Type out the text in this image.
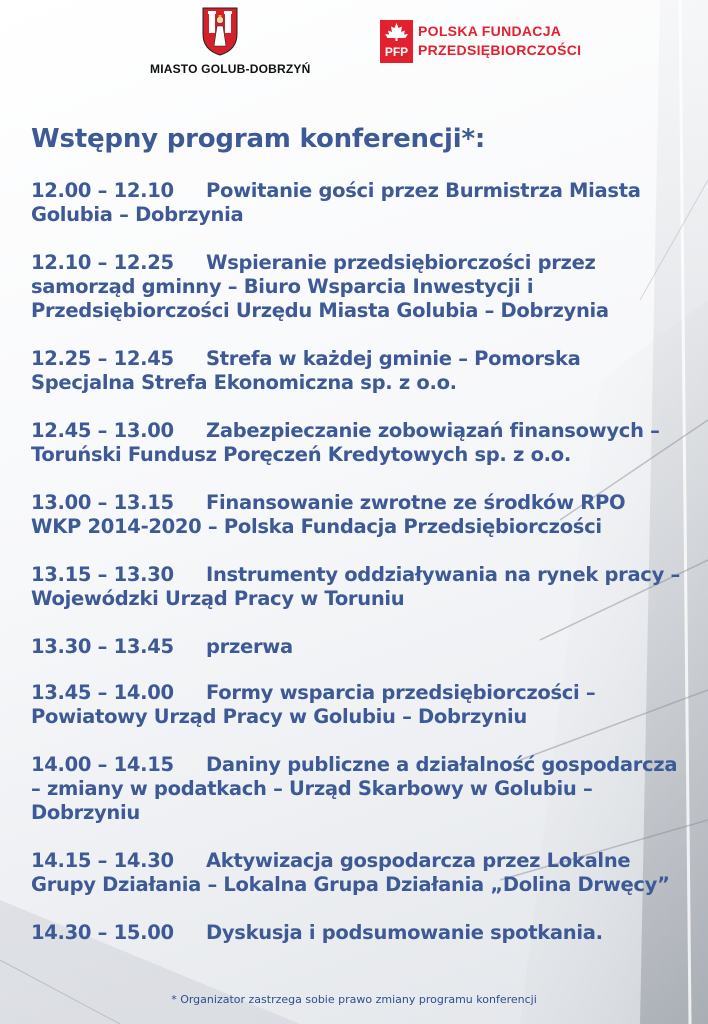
MIASTO GOLUB-DOBRZYŃ
PFP
POLSKA FUNDACJA
PRZEDSIĘBIORCZOŚCI
Wstępny program konferencji*:
12.00 – 12.10 Powitanie gości przez Burmistrza Miasta Golubia – Dobrzynia
12.10 – 12.25 Wspieranie przedsiębiorczości przez samorząd gminny – Biuro Wsparcia Inwestycji i Przedsiębiorczości Urzędu Miasta Golubia – Dobrzynia
12.25 – 12.45 Strefa w każdej gminie – Pomorska Specjalna Strefa Ekonomiczna sp. z o.o.
12.45 – 13.00 Zabezpieczanie zobowiązań finansowych – Toruński Fundusz Poręczeń Kredytowych sp. z o.o.
13.00 – 13.15 Finansowanie zwrotne ze środków RPO WKP 2014-2020 – Polska Fundacja Przedsiębiorczości
13.15 – 13.30 Instrumenty oddziaływania na rynek pracy – Wojewódzki Urząd Pracy w Toruniu
13.30 – 13.45 przerwa
13.45 – 14.00 Formy wsparcia przedsiębiorczości – Powiatowy Urząd Pracy w Golubiu – Dobrzyniu
14.00 – 14.15 Daniny publiczne a działalność gospodarcza – zmiany w podatkach – Urząd Skarbowy w Golubiu – Dobrzyniu
14.15 – 14.30 Aktywizacja gospodarcza przez Lokalne Grupy Działania – Lokalna Grupa Działania „Dolina Drwęcy”
14.30 – 15.00 Dyskusja i podsumowanie spotkania.

* Organizator zastrzega sobie prawo zmiany programu konferencji
